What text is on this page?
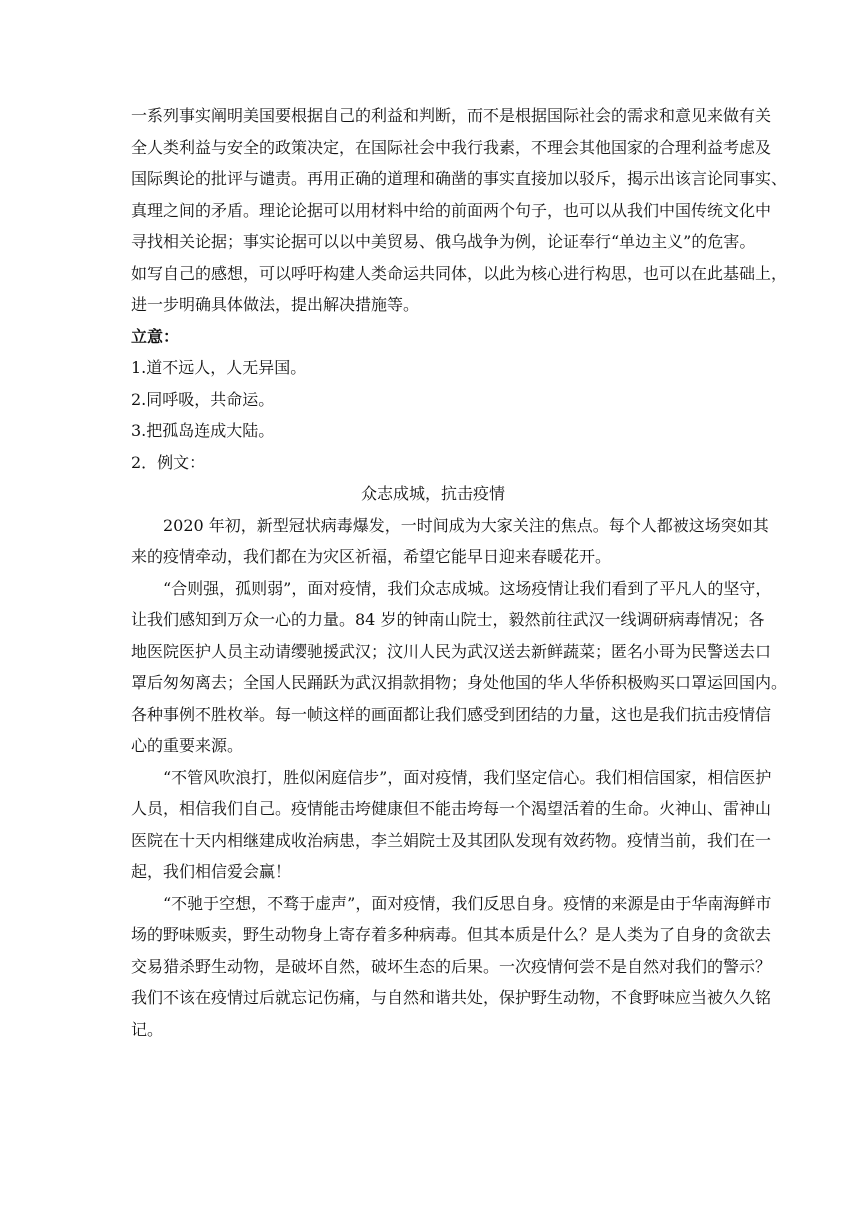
一系列事实阐明美国要根据自己的利益和判断，而不是根据国际社会的需求和意见来做有关
全人类利益与安全的政策决定，在国际社会中我行我素，不理会其他国家的合理利益考虑及
国际舆论的批评与谴责。再用正确的道理和确凿的事实直接加以驳斥，揭示出该言论同事实、
真理之间的矛盾。理论论据可以用材料中给的前面两个句子，也可以从我们中国传统文化中
寻找相关论据；事实论据可以以中美贸易、俄乌战争为例，论证奉行“单边主义”的危害。
如写自己的感想，可以呼吁构建人类命运共同体，以此为核心进行构思，也可以在此基础上，
进一步明确具体做法，提出解决措施等。

立意：

1.道不远人，人无异国。

2.同呼吸，共命运。

3.把孤岛连成大陆。

2．例文：

众志成城，抗击疫情

2020 年初，新型冠状病毒爆发，一时间成为大家关注的焦点。每个人都被这场突如其
来的疫情牵动，我们都在为灾区祈福，希望它能早日迎来春暖花开。
“合则强，孤则弱”，面对疫情，我们众志成城。这场疫情让我们看到了平凡人的坚守，
让我们感知到万众一心的力量。84 岁的钟南山院士，毅然前往武汉一线调研病毒情况；各
地医院医护人员主动请缨驰援武汉；汶川人民为武汉送去新鲜蔬菜；匿名小哥为民警送去口
罩后匆匆离去；全国人民踊跃为武汉捐款捐物；身处他国的华人华侨积极购买口罩运回国内。
各种事例不胜枚举。每一帧这样的画面都让我们感受到团结的力量，这也是我们抗击疫情信
心的重要来源。
“不管风吹浪打，胜似闲庭信步”，面对疫情，我们坚定信心。我们相信国家，相信医护
人员，相信我们自己。疫情能击垮健康但不能击垮每一个渴望活着的生命。火神山、雷神山
医院在十天内相继建成收治病患，李兰娟院士及其团队发现有效药物。疫情当前，我们在一
起，我们相信爱会赢！
“不驰于空想，不骛于虚声”，面对疫情，我们反思自身。疫情的来源是由于华南海鲜市
场的野味贩卖，野生动物身上寄存着多种病毒。但其本质是什么？是人类为了自身的贪欲去
交易猎杀野生动物，是破坏自然，破坏生态的后果。一次疫情何尝不是自然对我们的警示？
我们不该在疫情过后就忘记伤痛，与自然和谐共处，保护野生动物，不食野味应当被久久铭
记。
